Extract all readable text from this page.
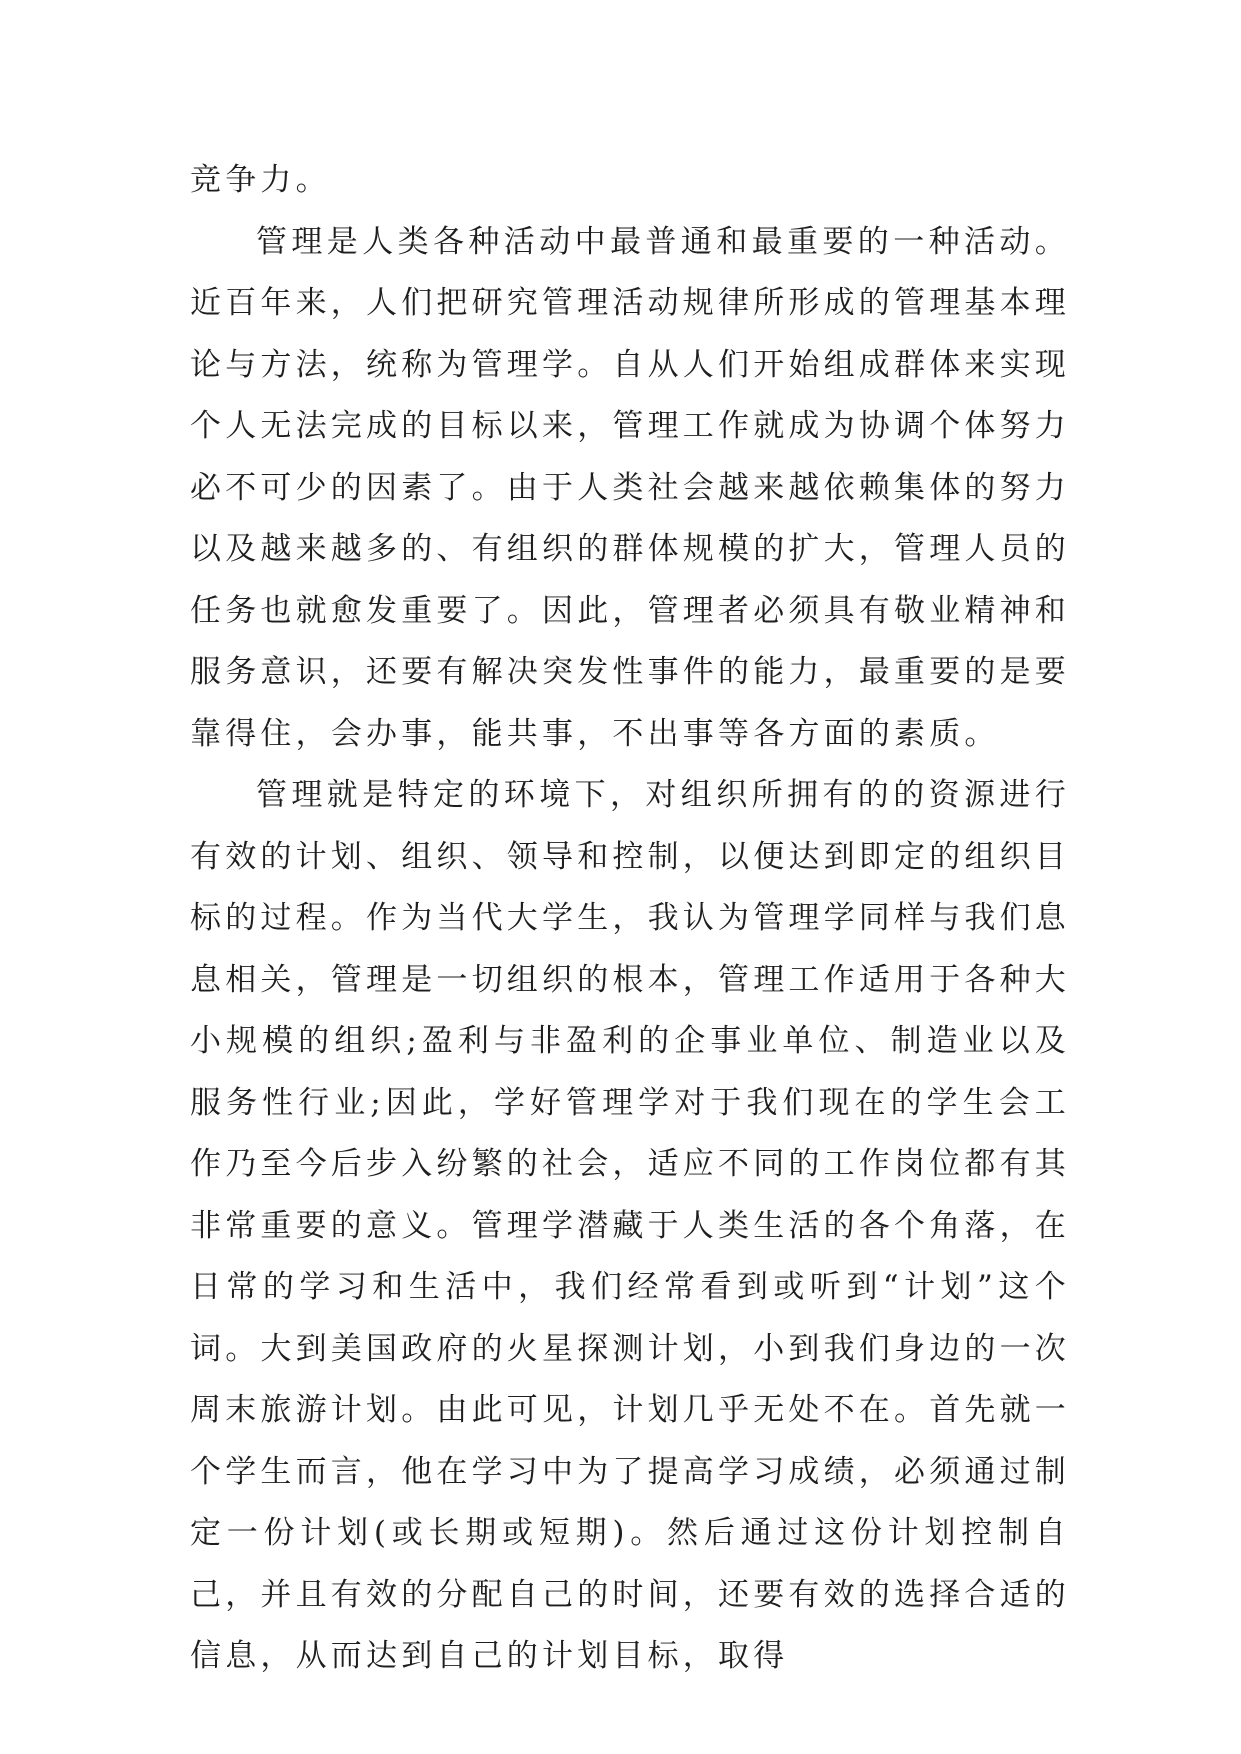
竞争力。

管理是人类各种活动中最普通和最重要的一种活动。近百年来，人们把研究管理活动规律所形成的管理基本理论与方法，统称为管理学。自从人们开始组成群体来实现个人无法完成的目标以来，管理工作就成为协调个体努力必不可少的因素了。由于人类社会越来越依赖集体的努力以及越来越多的、有组织的群体规模的扩大，管理人员的任务也就愈发重要了。因此，管理者必须具有敬业精神和服务意识，还要有解决突发性事件的能力，最重要的是要靠得住，会办事，能共事，不出事等各方面的素质。

管理就是特定的环境下，对组织所拥有的的资源进行有效的计划、组织、领导和控制，以便达到即定的组织目标的过程。作为当代大学生，我认为管理学同样与我们息息相关，管理是一切组织的根本，管理工作适用于各种大小规模的组织;盈利与非盈利的企事业单位、制造业以及服务性行业;因此，学好管理学对于我们现在的学生会工作乃至今后步入纷繁的社会，适应不同的工作岗位都有其非常重要的意义。管理学潜藏于人类生活的各个角落，在日常的学习和生活中，我们经常看到或听到“计划”这个词。大到美国政府的火星探测计划，小到我们身边的一次周末旅游计划。由此可见，计划几乎无处不在。首先就一个学生而言，他在学习中为了提高学习成绩，必须通过制定一份计划(或长期或短期)。然后通过这份计划控制自己，并且有效的分配自己的时间，还要有效的选择合适的信息，从而达到自己的计划目标，取得
